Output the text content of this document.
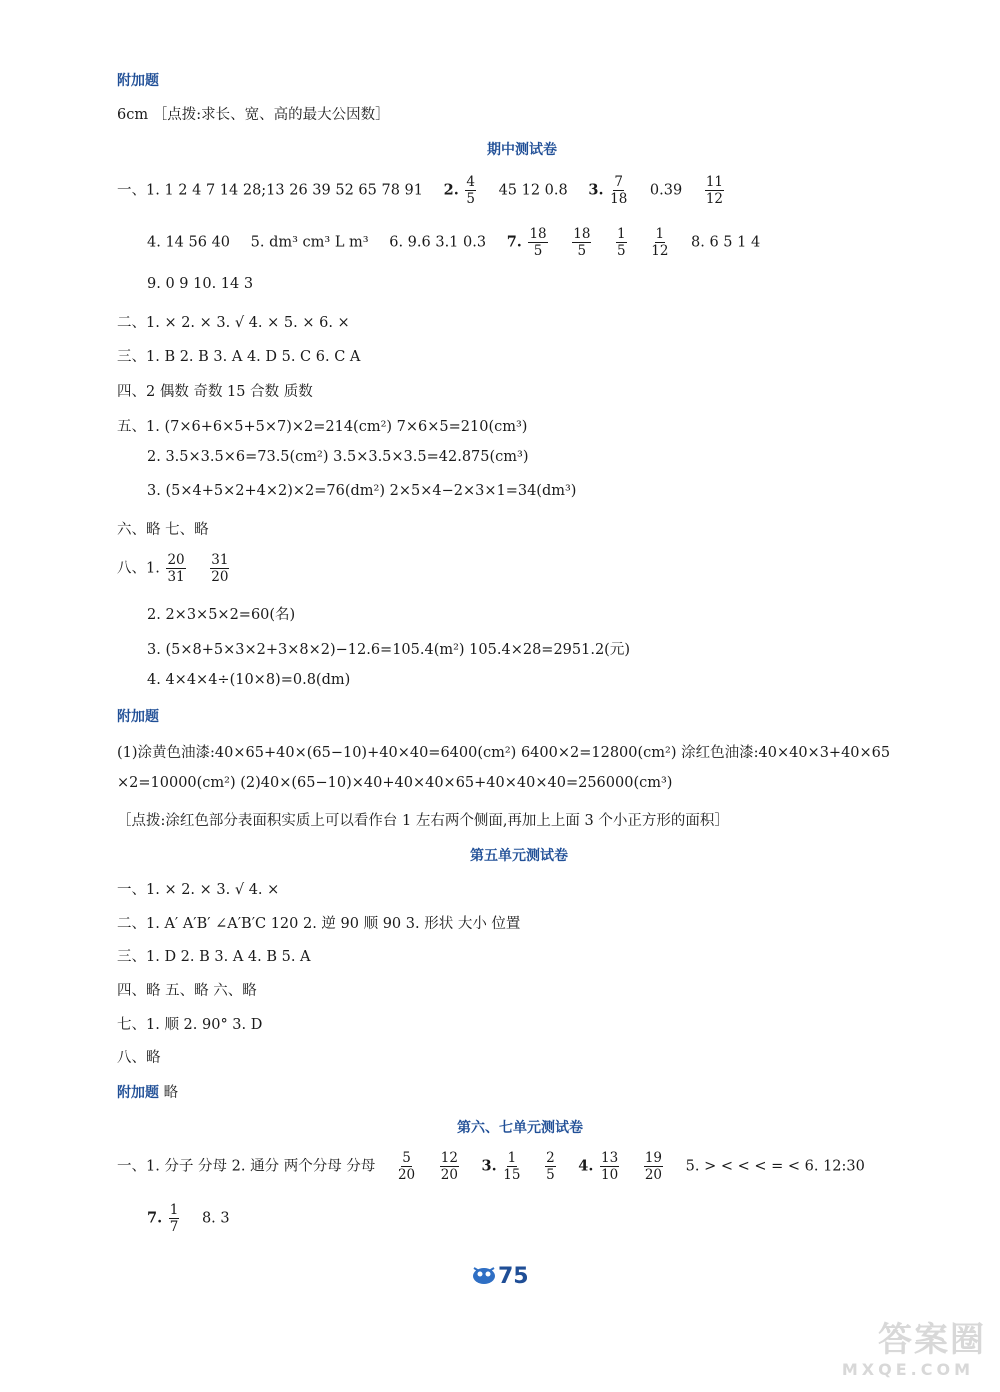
附加题
6cm ［点拨:求长、宽、高的最大公因数］
期中测试卷
一、1. 1 2 4 7 14 28;13 26 39 52 65 78 91 2. $\frac{4}{5} 45$ 12 0.8 3. $\frac{7}{18} 0.39 \frac{11}{12}$
4. 14 56 40 5. dm³ cm³ L m³ 6. 9.6 3.1 0.3 7. $\frac{18}{5}$
$\frac{18}{5}$
$\frac{1}{5}$
$\frac{1}{12} 8$. 6 5 1 4
9. 0 9 10. 14 3
二、1. × 2. × 3. √ 4. × 5. × 6. ×
三、1. B 2. B 3. A 4. D 5. C 6. C A
四、2 偶数 奇数 15 合数 质数
五、1. (7×6+6×5+5×7)×2=214(cm²) 7×6×5=210(cm³)
2. 3.5×3.5×6=73.5(cm²) 3.5×3.5×3.5=42.875(cm³)
3. (5×4+5×2+4×2)×2=76(dm²) 2×5×4−2×3×1=34(dm³)
六、略 七、略
八、1. $\frac{20}{31}$
$\frac{31}{20}$
2. 2×3×5×2=60(名)
3. (5×8+5×3×2+3×8×2)−12.6=105.4(m²) 105.4×28=2951.2(元)
4. 4×4×4÷(10×8)=0.8(dm)
附加题
(1)涂黄色油漆:40×65+40×(65−10)+40×40=6400(cm²) 6400×2=12800(cm²) 涂红色油漆:40×40×3+40×65
×2=10000(cm²) (2)40×(65−10)×40+40×40×65+40×40×40=256000(cm³)
［点拨:涂红色部分表面积实质上可以看作台 1 左右两个侧面,再加上上面 3 个小正方形的面积］
第五单元测试卷
一、1. × 2. × 3. √ 4. ×
二、1. A′ A′B′ ∠A′B′C 120 2. 逆 90 顺 90 3. 形状 大小 位置
三、1. D 2. B 3. A 4. B 5. A
四、略 五、略 六、略
七、1. 顺 2. 90° 3. D
八、略
附加题 略
第六、七单元测试卷
一、1. 分子 分母 2. 通分 两个分母 分母 $\frac{5}{20}$
$\frac{12}{20} 3$. $\frac{1}{15}$
$\frac{2}{5} 4$. $\frac{13}{10}$
$\frac{19}{20} 5$. > < < < = < 6. 12:30
7. $\frac{1}{7} 8$. 3
75
答案圈
MXQE.COM
